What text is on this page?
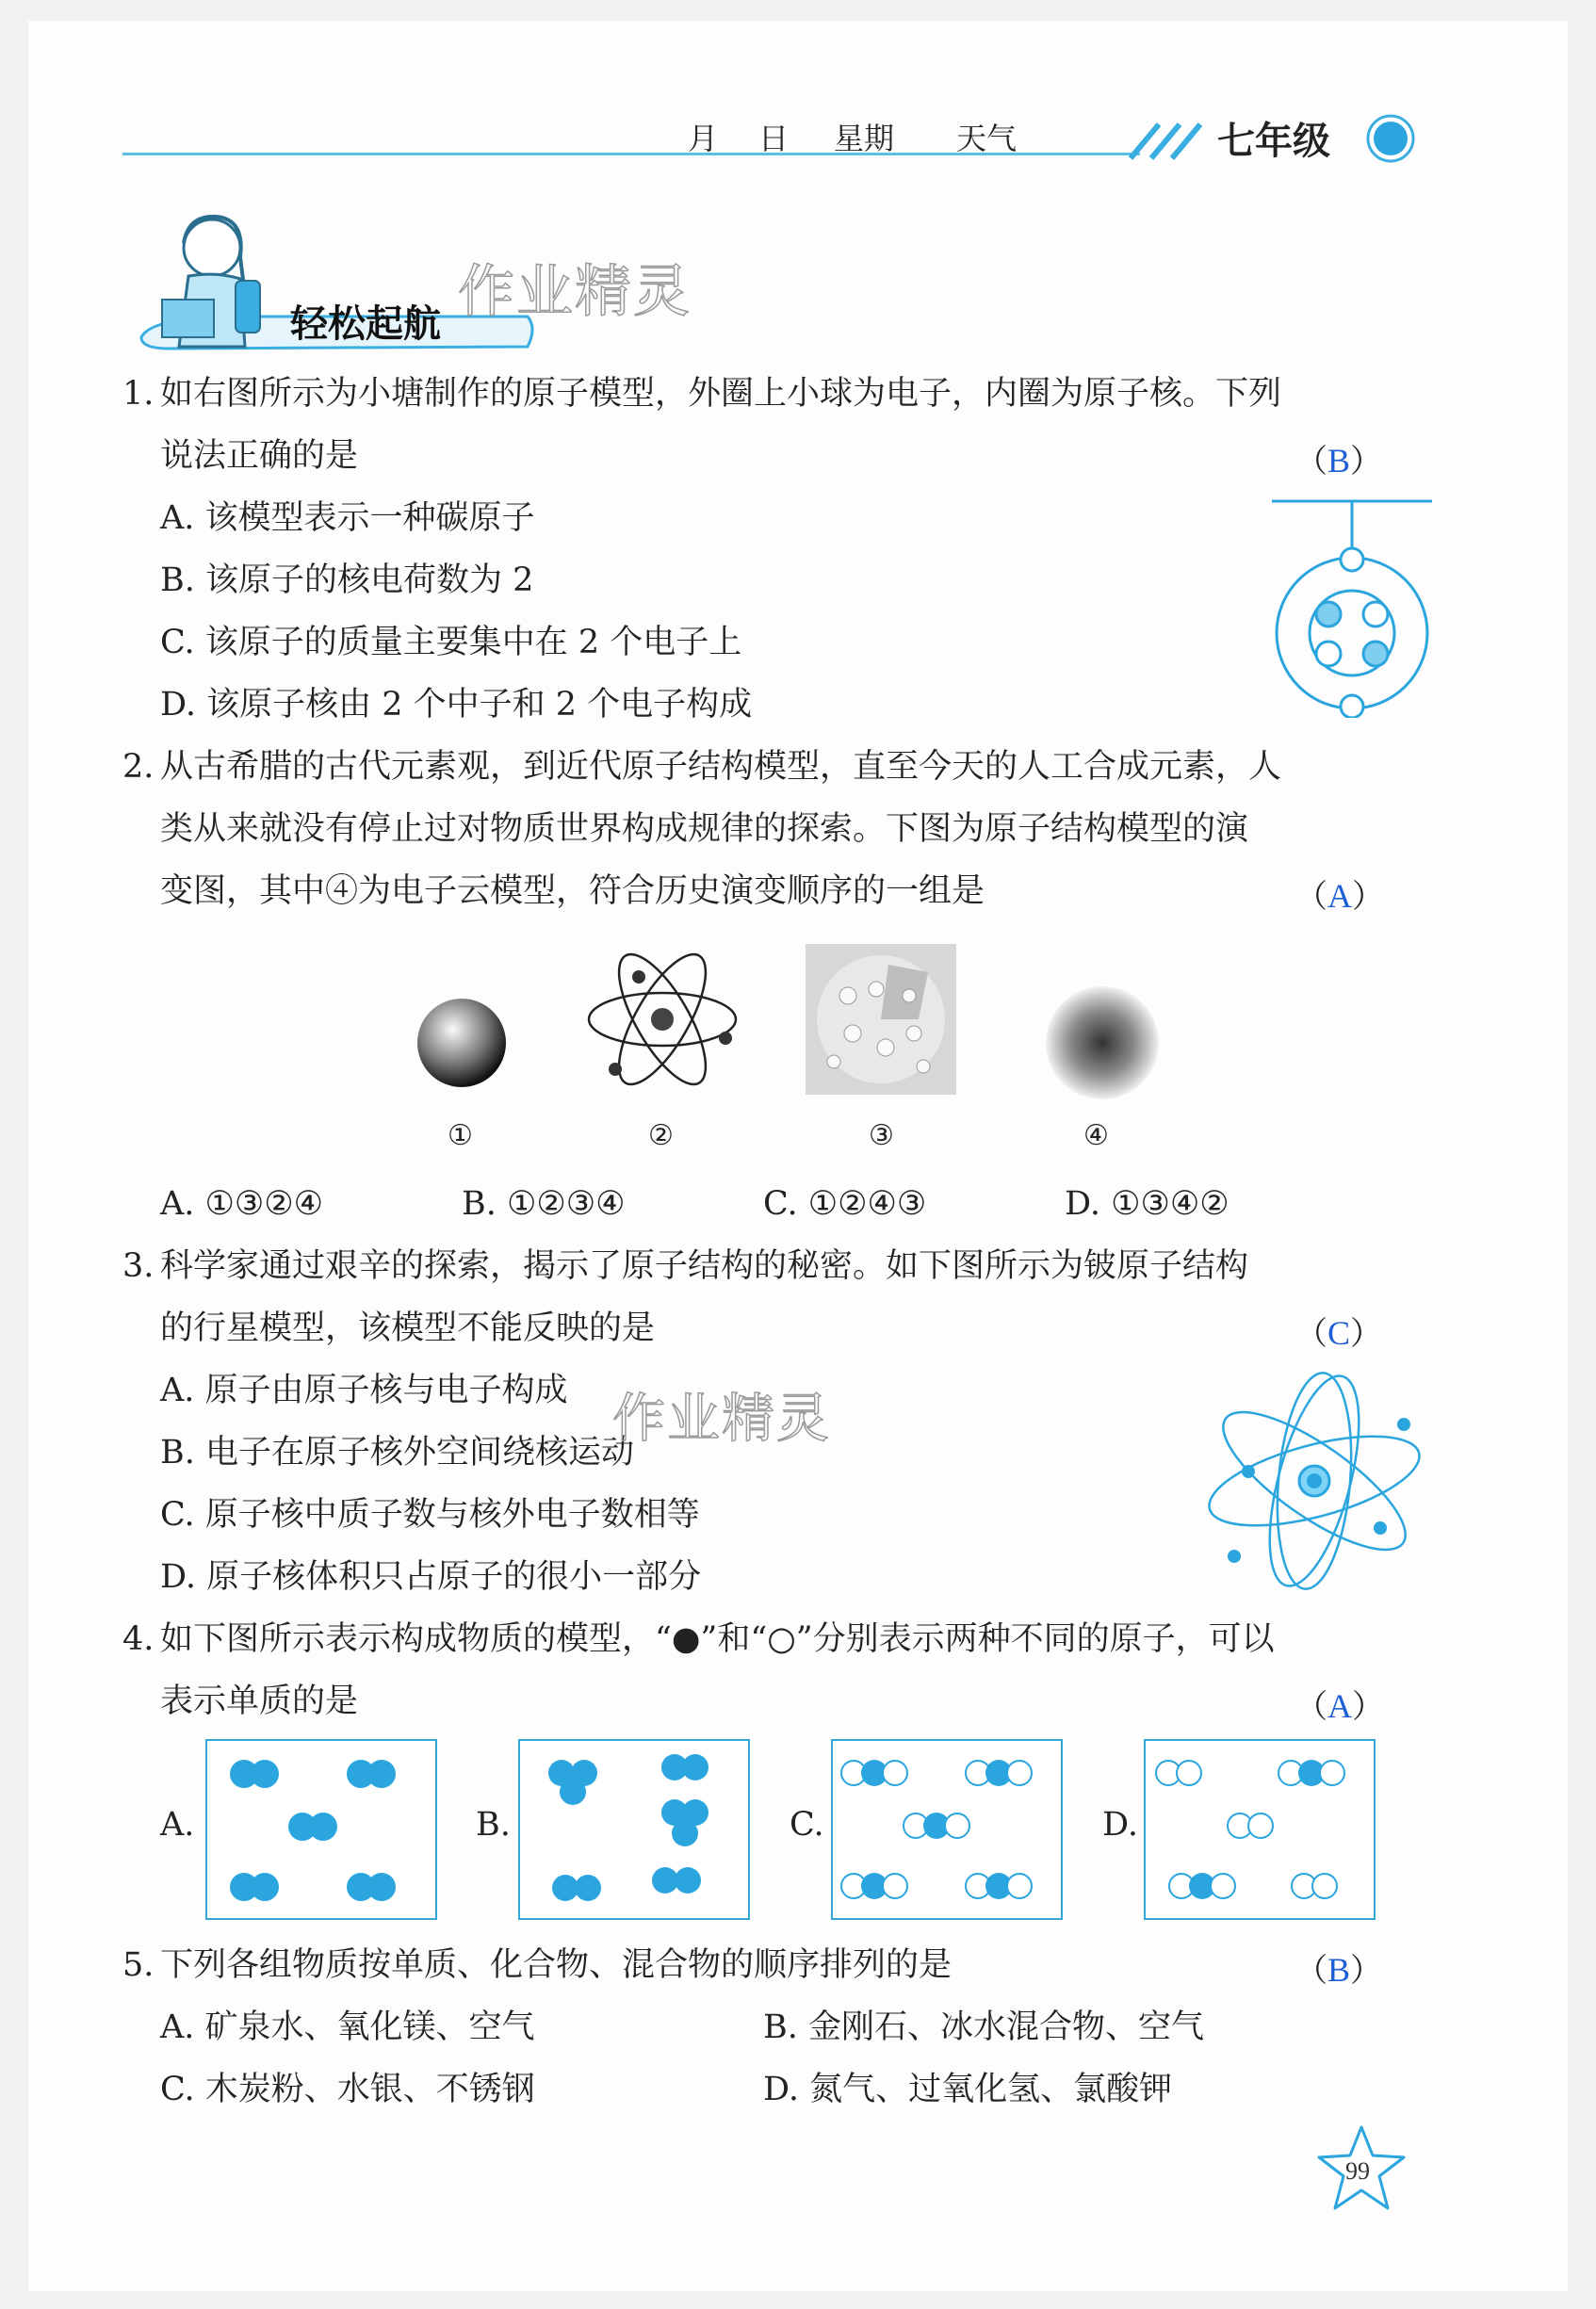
月 日 星期 天气	七年级
轻松起航 作业精灵
1. 如右图所示为小塘制作的原子模型，外圈上小球为电子，内圈为原子核。下列
说法正确的是	（B）
A. 该模型表示一种碳原子
B. 该原子的核电荷数为 2
C. 该原子的质量主要集中在 2 个电子上
D. 该原子核由 2 个中子和 2 个电子构成
2. 从古希腊的古代元素观，到近代原子结构模型，直至今天的人工合成元素，人
类从来就没有停止过对物质世界构成规律的探索。下图为原子结构模型的演
变图，其中④为电子云模型，符合历史演变顺序的一组是	（A）
①	②	③	④
A. ①③②④	B. ①②③④	C. ①②④③	D. ①③④②
3. 科学家通过艰辛的探索，揭示了原子结构的秘密。如下图所示为铍原子结构
的行星模型，该模型不能反映的是	（C）
A. 原子由原子核与电子构成
B. 电子在原子核外空间绕核运动
C. 原子核中质子数与核外电子数相等
D. 原子核体积只占原子的很小一部分
作业精灵
4. 如下图所示表示构成物质的模型，“●”和“○”分别表示两种不同的原子，可以
表示单质的是	（A）
A.	B.	C.	D.
5. 下列各组物质按单质、化合物、混合物的顺序排列的是	（B）
A. 矿泉水、氧化镁、空气	B. 金刚石、冰水混合物、空气
C. 木炭粉、水银、不锈钢	D. 氮气、过氧化氢、氯酸钾
99
